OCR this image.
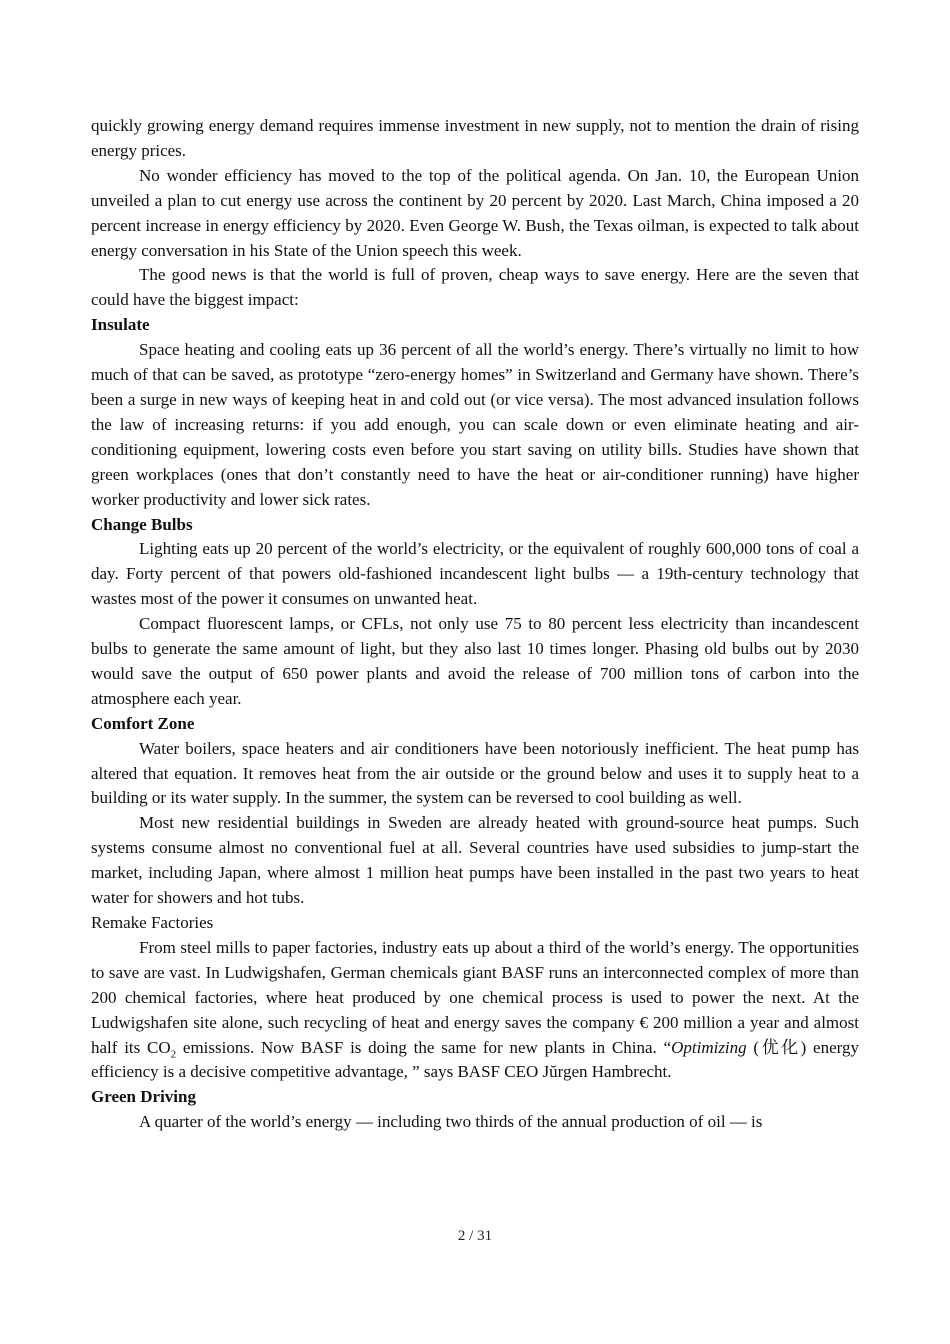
quickly growing energy demand requires immense investment in new supply, not to mention the drain of rising energy prices.

No wonder efficiency has moved to the top of the political agenda. On Jan. 10, the European Union unveiled a plan to cut energy use across the continent by 20 percent by 2020. Last March, China imposed a 20 percent increase in energy efficiency by 2020. Even George W. Bush, the Texas oilman, is expected to talk about energy conversation in his State of the Union speech this week.

The good news is that the world is full of proven, cheap ways to save energy. Here are the seven that could have the biggest impact:

Insulate

Space heating and cooling eats up 36 percent of all the world’s energy. There’s virtually no limit to how much of that can be saved, as prototype “zero-energy homes” in Switzerland and Germany have shown. There’s been a surge in new ways of keeping heat in and cold out (or vice versa). The most advanced insulation follows the law of increasing returns: if you add enough, you can scale down or even eliminate heating and air-conditioning equipment, lowering costs even before you start saving on utility bills. Studies have shown that green workplaces (ones that don’t constantly need to have the heat or air-conditioner running) have higher worker productivity and lower sick rates.

Change Bulbs

Lighting eats up 20 percent of the world’s electricity, or the equivalent of roughly 600,000 tons of coal a day. Forty percent of that powers old-fashioned incandescent light bulbs — a 19th-century technology that wastes most of the power it consumes on unwanted heat.

Compact fluorescent lamps, or CFLs, not only use 75 to 80 percent less electricity than incandescent bulbs to generate the same amount of light, but they also last 10 times longer. Phasing old bulbs out by 2030 would save the output of 650 power plants and avoid the release of 700 million tons of carbon into the atmosphere each year.

Comfort Zone

Water boilers, space heaters and air conditioners have been notoriously inefficient. The heat pump has altered that equation. It removes heat from the air outside or the ground below and uses it to supply heat to a building or its water supply. In the summer, the system can be reversed to cool building as well.

Most new residential buildings in Sweden are already heated with ground-source heat pumps. Such systems consume almost no conventional fuel at all. Several countries have used subsidies to jump-start the market, including Japan, where almost 1 million heat pumps have been installed in the past two years to heat water for showers and hot tubs.

Remake Factories

From steel mills to paper factories, industry eats up about a third of the world’s energy. The opportunities to save are vast. In Ludwigshafen, German chemicals giant BASF runs an interconnected complex of more than 200 chemical factories, where heat produced by one chemical process is used to power the next. At the Ludwigshafen site alone, such recycling of heat and energy saves the company € 200 million a year and almost half its $CO_2$ emissions. Now BASF is doing the same for new plants in China. “Optimizing (优化) energy efficiency is a decisive competitive advantage, ” says BASF CEO Jŭrgen Hambrecht.

Green Driving

A quarter of the world’s energy — including two thirds of the annual production of oil — is

2 / 31
